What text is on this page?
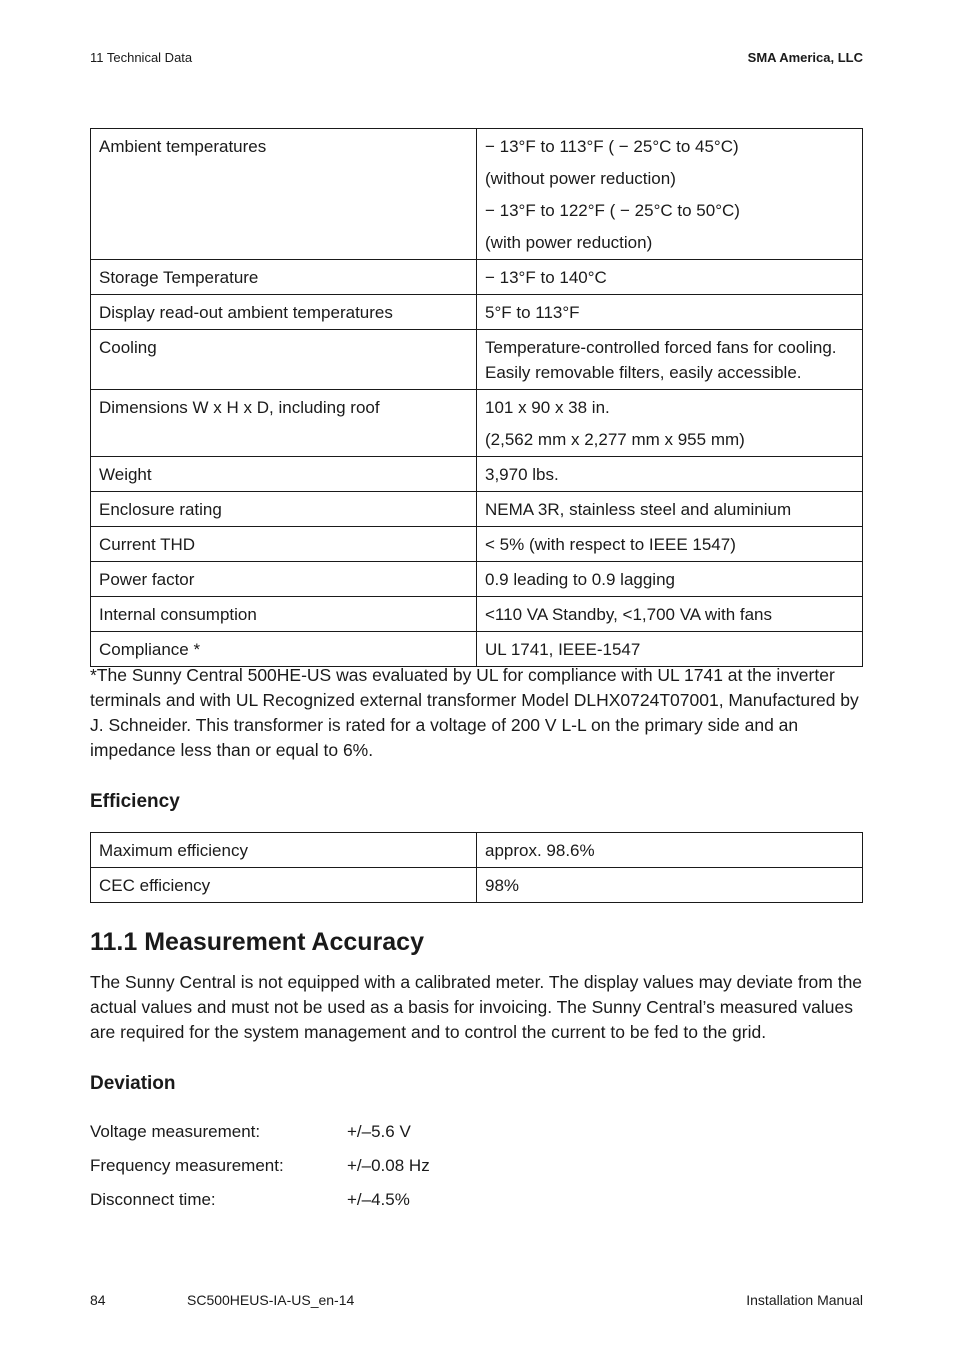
11 Technical Data	SMA America, LLC
Ambient temperatures	− 13°F to 113°F ( − 25°C to 45°C)
(without power reduction)
− 13°F to 122°F ( − 25°C to 50°C)
(with power reduction)

Storage Temperature	− 13°F to 140°C

Display read-out ambient temperatures	5°F to 113°F

Cooling	Temperature-controlled forced fans for cooling. Easily removable filters, easily accessible.

Dimensions W x H x D, including roof	101 x 90 x 38 in.
(2,562 mm x 2,277 mm x 955 mm)

Weight	3,970 lbs.

Enclosure rating	NEMA 3R, stainless steel and aluminium

Current THD	< 5% (with respect to IEEE 1547)

Power factor	0.9 leading to 0.9 lagging

Internal consumption	<110 VA Standby, <1,700 VA with fans

Compliance *	UL 1741, IEEE-1547
*The Sunny Central 500HE-US was evaluated by UL for compliance with UL 1741 at the inverter terminals and with UL Recognized external transformer Model DLHX0724T07001, Manufactured by J. Schneider. This transformer is rated for a voltage of 200 V L-L on the primary side and an impedance less than or equal to 6%.
Efficiency
Maximum efficiency	approx. 98.6%
CEC efficiency	98%
11.1 Measurement Accuracy
The Sunny Central is not equipped with a calibrated meter. The display values may deviate from the actual values and must not be used as a basis for invoicing. The Sunny Central’s measured values are required for the system management and to control the current to be fed to the grid.
Deviation
Voltage measurement:	+/–5.6 V
Frequency measurement:	+/–0.08 Hz
Disconnect time:	+/–4.5%
84	SC500HEUS-IA-US_en-14	Installation Manual
